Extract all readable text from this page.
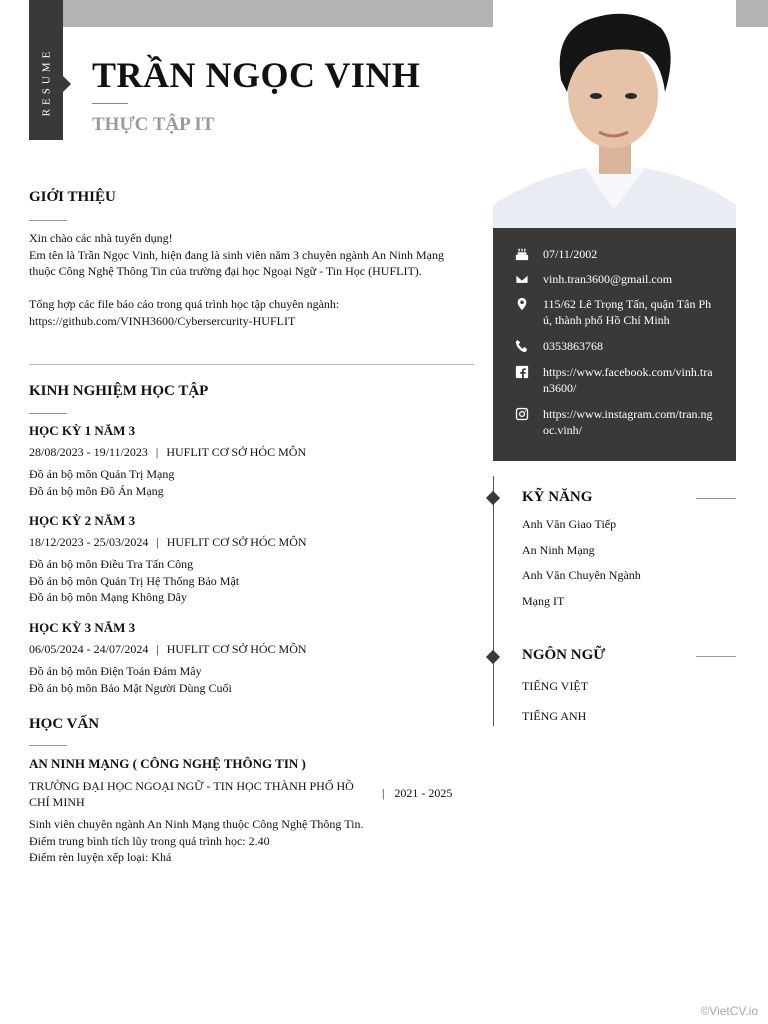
RESUME TRẦN NGỌC VINH
THỰC TẬP IT
07/11/2002
vinh.tran3600@gmail.com
115/62 Lê Trọng Tấn, quận Tân Phú, thành phố Hồ Chí Minh
0353863768
https://www.facebook.com/vinh.tran3600/
https://www.instagram.com/tran.ngoc.vinh/
GIỚI THIỆU
Xin chào các nhà tuyển dụng!
Em tên là Trần Ngọc Vinh, hiện đang là sinh viên năm 3 chuyên ngành An Ninh Mạng thuộc Công Nghệ Thông Tin của trường đại học Ngoại Ngữ - Tin Học (HUFLIT).
Tổng hợp các file báo cáo trong quá trình học tập chuyên ngành:
https://github.com/VINH3600/Cybersercurity-HUFLIT
KINH NGHIỆM HỌC TẬP
HỌC KỲ 1 NĂM 3
28/08/2023 - 19/11/2023 | HUFLIT CƠ SỞ HÓC MÔN
Đồ án bộ môn Quản Trị Mạng
Đồ án bộ môn Đồ Án Mạng
HỌC KỲ 2 NĂM 3
18/12/2023 - 25/03/2024 | HUFLIT CƠ SỞ HÓC MÔN
Đồ án bộ môn Điều Tra Tấn Công
Đồ án bộ môn Quản Trị Hệ Thống Bảo Mật
Đồ án bộ môn Mạng Không Dây
HỌC KỲ 3 NĂM 3
06/05/2024 - 24/07/2024 | HUFLIT CƠ SỞ HÓC MÔN
Đồ án bộ môn Điện Toán Đám Mây
Đồ án bộ môn Bảo Mật Người Dùng Cuối
HỌC VẤN
AN NINH MẠNG ( CÔNG NGHỆ THÔNG TIN )
TRƯỜNG ĐẠI HỌC NGOẠI NGỮ - TIN HỌC THÀNH PHỐ HỒ CHÍ MINH
| 2021 - 2025
Sinh viên chuyên ngành An Ninh Mạng thuộc Công Nghệ Thông Tin.
Điểm trung bình tích lũy trong quá trình học: 2.40
Điểm rèn luyện xếp loại: Khá
KỸ NĂNG
Anh Văn Giao Tiếp
An Ninh Mạng
Anh Văn Chuyên Ngành
Mạng IT
NGÔN NGỮ
TIẾNG VIỆT
TIẾNG ANH
©VietCV.io
